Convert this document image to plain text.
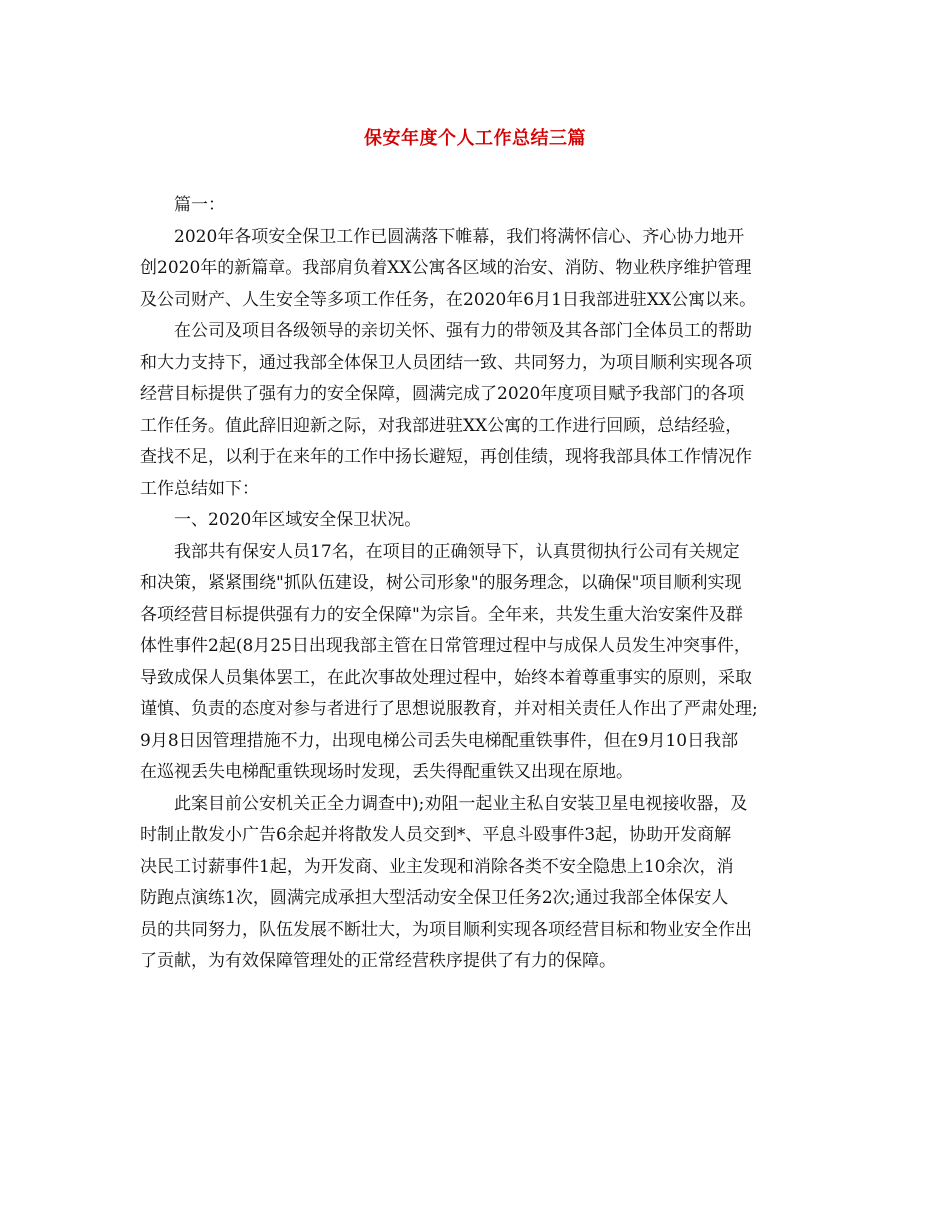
保安年度个人工作总结三篇
篇一：
2020年各项安全保卫工作已圆满落下帷幕，我们将满怀信心、齐心协力地开
创2020年的新篇章。我部肩负着XX公寓各区域的治安、消防、物业秩序维护管理
及公司财产、人生安全等多项工作任务，在2020年6月1日我部进驻XX公寓以来。
在公司及项目各级领导的亲切关怀、强有力的带领及其各部门全体员工的帮助
和大力支持下，通过我部全体保卫人员团结一致、共同努力，为项目顺利实现各项
经营目标提供了强有力的安全保障，圆满完成了2020年度项目赋予我部门的各项
工作任务。值此辞旧迎新之际，对我部进驻XX公寓的工作进行回顾，总结经验，
查找不足，以利于在来年的工作中扬长避短，再创佳绩，现将我部具体工作情况作
工作总结如下：
一、2020年区域安全保卫状况。
我部共有保安人员17名，在项目的正确领导下，认真贯彻执行公司有关规定
和决策，紧紧围绕"抓队伍建设，树公司形象"的服务理念，以确保"项目顺利实现
各项经营目标提供强有力的安全保障"为宗旨。全年来，共发生重大治安案件及群
体性事件2起(8月25日出现我部主管在日常管理过程中与成保人员发生冲突事件，
导致成保人员集体罢工，在此次事故处理过程中，始终本着尊重事实的原则，采取
谨慎、负责的态度对参与者进行了思想说服教育，并对相关责任人作出了严肃处理;
9月8日因管理措施不力，出现电梯公司丢失电梯配重铁事件，但在9月10日我部
在巡视丢失电梯配重铁现场时发现，丢失得配重铁又出现在原地。
此案目前公安机关正全力调查中);劝阻一起业主私自安装卫星电视接收器，及
时制止散发小广告6余起并将散发人员交到*、平息斗殴事件3起，协助开发商解
决民工讨薪事件1起，为开发商、业主发现和消除各类不安全隐患上10余次，消
防跑点演练1次，圆满完成承担大型活动安全保卫任务2次;通过我部全体保安人
员的共同努力，队伍发展不断壮大，为项目顺利实现各项经营目标和物业安全作出
了贡献，为有效保障管理处的正常经营秩序提供了有力的保障。
